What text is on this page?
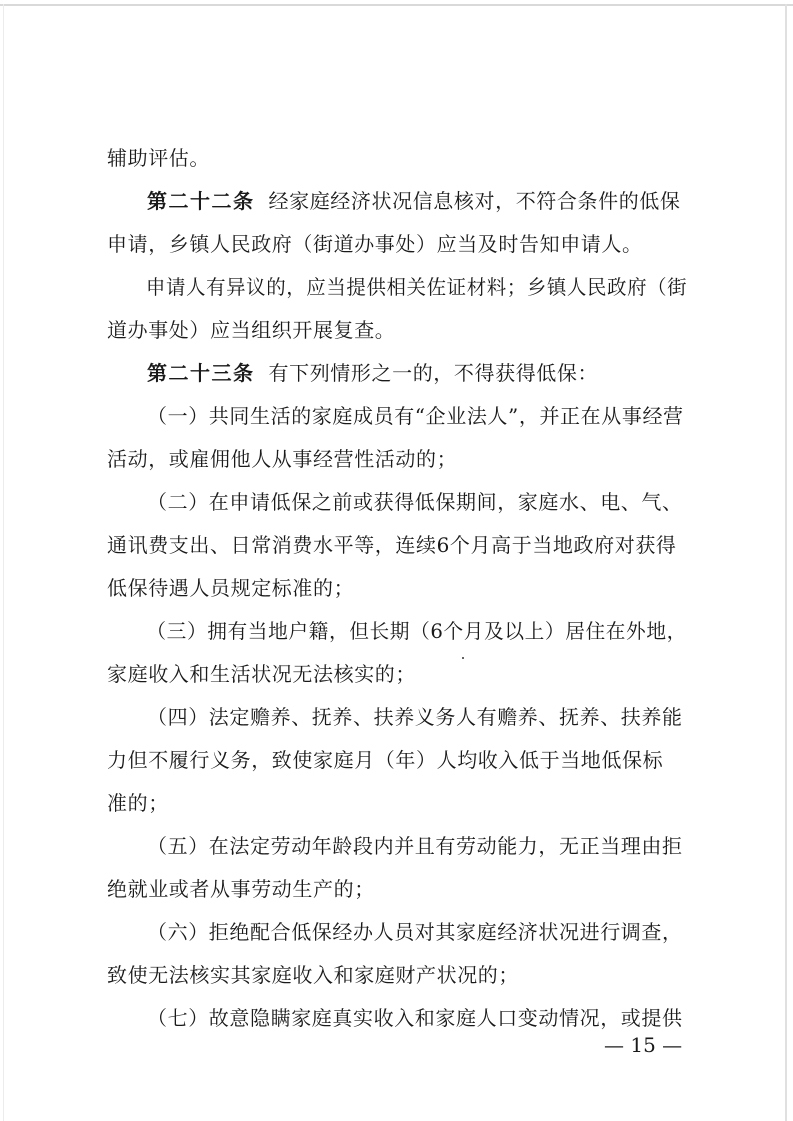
辅助评估。
第二十二条 经家庭经济状况信息核对，不符合条件的低保
申请，乡镇人民政府（街道办事处）应当及时告知申请人。
申请人有异议的，应当提供相关佐证材料；乡镇人民政府（街
道办事处）应当组织开展复查。
第二十三条 有下列情形之一的，不得获得低保：
（一）共同生活的家庭成员有“企业法人”，并正在从事经营
活动，或雇佣他人从事经营性活动的；
（二）在申请低保之前或获得低保期间，家庭水、电、气、
通讯费支出、日常消费水平等，连续6个月高于当地政府对获得
低保待遇人员规定标准的；
（三）拥有当地户籍，但长期（6个月及以上）居住在外地，
家庭收入和生活状况无法核实的；
（四）法定赡养、抚养、扶养义务人有赡养、抚养、扶养能
力但不履行义务，致使家庭月（年）人均收入低于当地低保标
准的；
（五）在法定劳动年龄段内并且有劳动能力，无正当理由拒
绝就业或者从事劳动生产的；
（六）拒绝配合低保经办人员对其家庭经济状况进行调查，
致使无法核实其家庭收入和家庭财产状况的；
（七）故意隐瞒家庭真实收入和家庭人口变动情况，或提供
— 15 —
